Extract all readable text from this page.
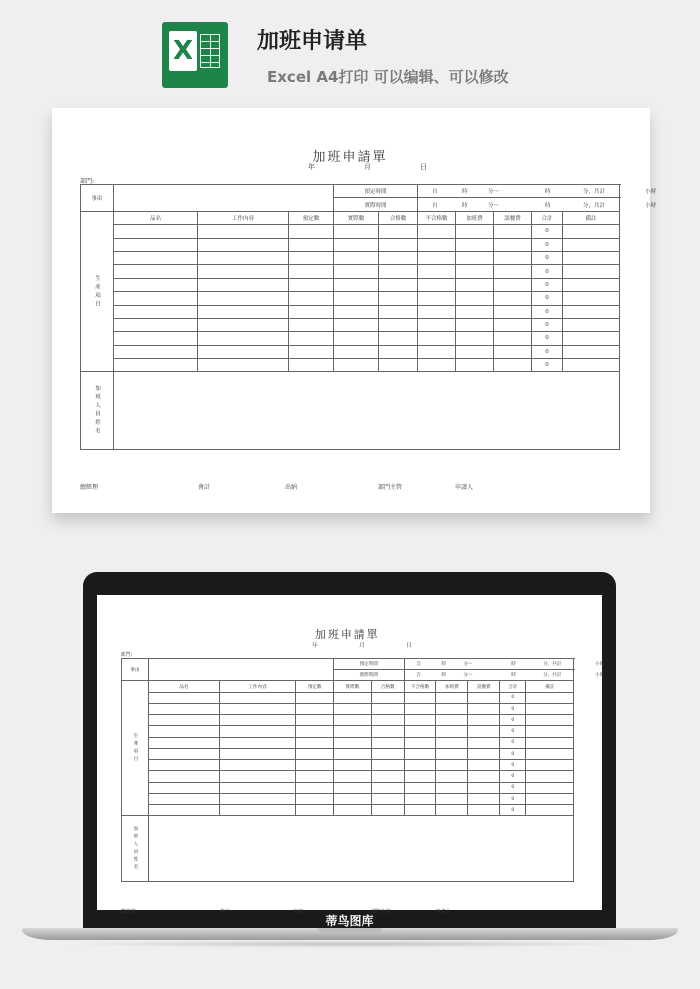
X	加班申请单
Excel A4打印 可以编辑、可以修改
加班申請單
年	月	日
部門:
事由				預定時間		自 時 分～ 時 分，共計 小時				
				實際時間		自 時 分～ 時 分，共計 小時				
生產項目	品名	工作內容	預定數	實際數	合格數	不合格數	加班費	誤餐費	合計	備註
									0	
									0	
									0	
									0	
									0	
									0	
									0	
									0	
									0	
									0	
									0	
加班人員姓名										
總經理	會計	出納	部門主管	申請人
加班申請單
年	月	日
部門:
事由				預定時間		自 時 分～ 時 分，共計 小時				
				實際時間		自 時 分～ 時 分，共計 小時				
生產項目	品名	工作內容	預定數	實際數	合格數	不合格數	加班費	誤餐費	合計	備註
									0	
									0	
									0	
									0	
									0	
									0	
									0	
									0	
									0	
									0	
									0	
加班人員姓名										
總經理	會計	出納	部門主管	申請人
蒂鸟图库
